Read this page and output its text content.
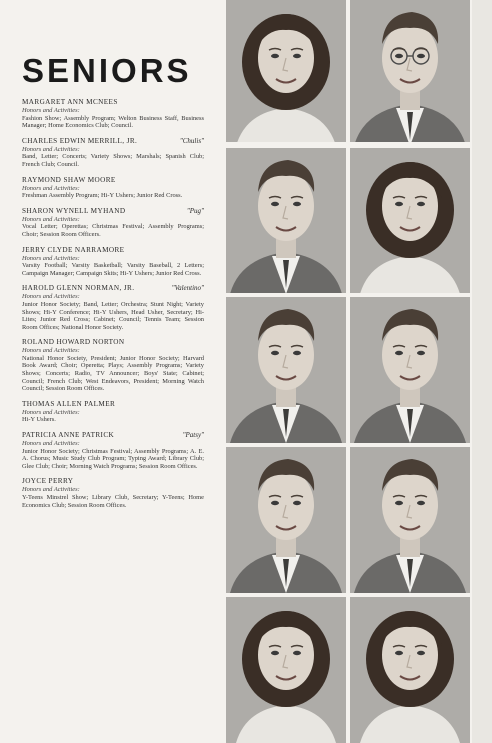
SENIORS
MARGARET ANN MCNEES
Honors and Activities:
Fashion Show; Assembly Program; Welton Business Staff, Business Manager; Home Economics Club; Council.
CHARLES EDWIN MERRILL, JR.	"Chulis"
Honors and Activities:
Band, Letter; Concerts; Variety Shows; Marshals; Spanish Club; French Club; Council.
RAYMOND SHAW MOORE
Honors and Activities:
Freshman Assembly Program; Hi-Y Ushers; Junior Red Cross.
SHARON WYNELL MYHAND	"Pug"
Honors and Activities:
Vocal Letter; Operettas; Christmas Festival; Assembly Programs; Choir; Session Room Officers.
JERRY CLYDE NARRAMORE
Honors and Activities:
Varsity Football; Varsity Basketball; Varsity Baseball, 2 Letters; Campaign Manager; Campaign Skits; Hi-Y Ushers; Junior Red Cross.
HAROLD GLENN NORMAN, JR.	"Valentino"
Honors and Activities:
Junior Honor Society; Band, Letter; Orchestra; Stunt Night; Variety Shows; Hi-Y Conference; Hi-Y Ushers, Head Usher, Secretary; Hi-Lites; Junior Red Cross; Cabinet; Council; Tennis Team; Session Room Offices; National Honor Society.
ROLAND HOWARD NORTON
Honors and Activities:
National Honor Society, President; Junior Honor Society; Harvard Book Award; Choir; Operetta; Plays; Assembly Programs; Variety Shows; Concerts; Radio, TV Announcer; Boys' State; Cabinet; Council; French Club; West Endeavors, President; Morning Watch Council; Session Room Offices.
THOMAS ALLEN PALMER
Honors and Activities:
Hi-Y Ushers.
PATRICIA ANNE PATRICK	"Patsy"
Honors and Activities:
Junior Honor Society; Christmas Festival; Assembly Programs; A. E. A. Chorus; Music Study Club Program; Typing Award; Library Club; Glee Club; Choir; Morning Watch Programs; Session Room Offices.
JOYCE PERRY
Honors and Activities:
Y-Teens Minstrel Show; Library Club, Secretary; Y-Teens; Home Economics Club; Session Room Offices.
